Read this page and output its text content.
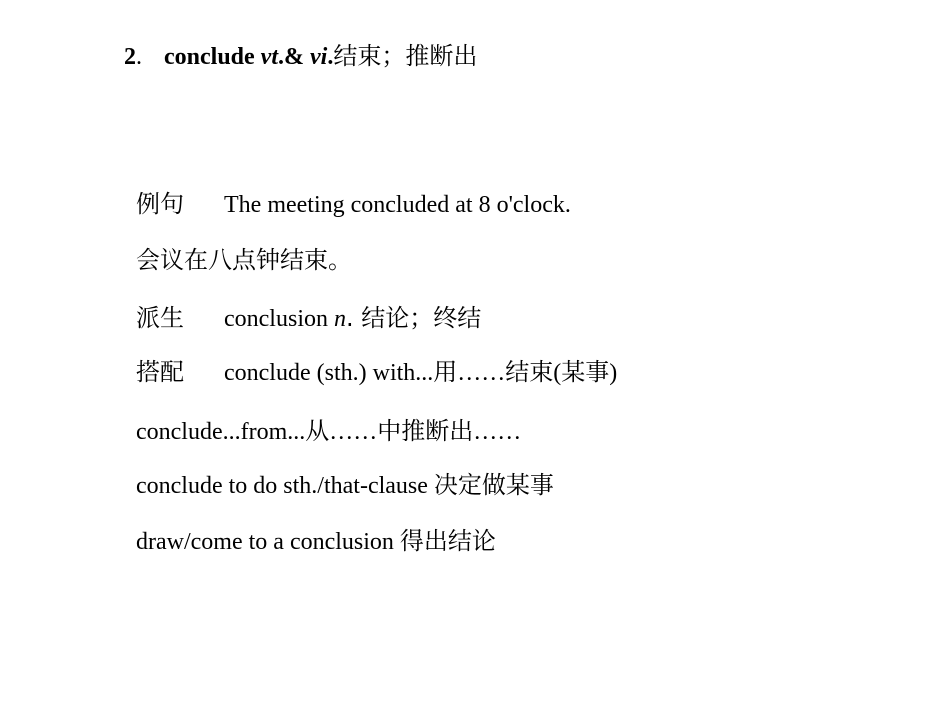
2. conclude vt.& vi.结束；推断出
例句 The meeting concluded at 8 o'clock.
会议在八点钟结束。
派生 conclusion n. 结论；终结
搭配 conclude (sth.) with...用……结束(某事)
conclude...from...从……中推断出……
conclude to do sth./that-clause 决定做某事
draw/come to a conclusion 得出结论
